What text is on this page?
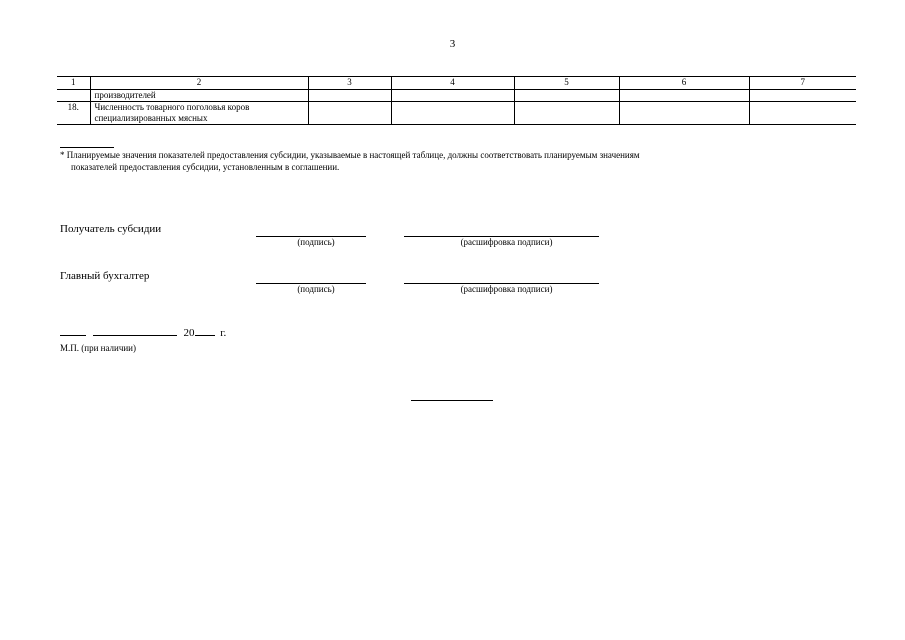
3
1	2	3	4	5	6	7

	производителей					

18.	Численность товарного поголовья коров
специализированных мясных					

* Планируемые значения показателей предоставления субсидии, указываемые в настоящей таблице, должны соответствовать планируемым значениям
показателей предоставления субсидии, установленным в соглашении.
Получатель субсидии
(подпись)	(расшифровка подписи)
Главный бухгалтер
(подпись)	(расшифровка подписи)
20 г.
М.П. (при наличии)
